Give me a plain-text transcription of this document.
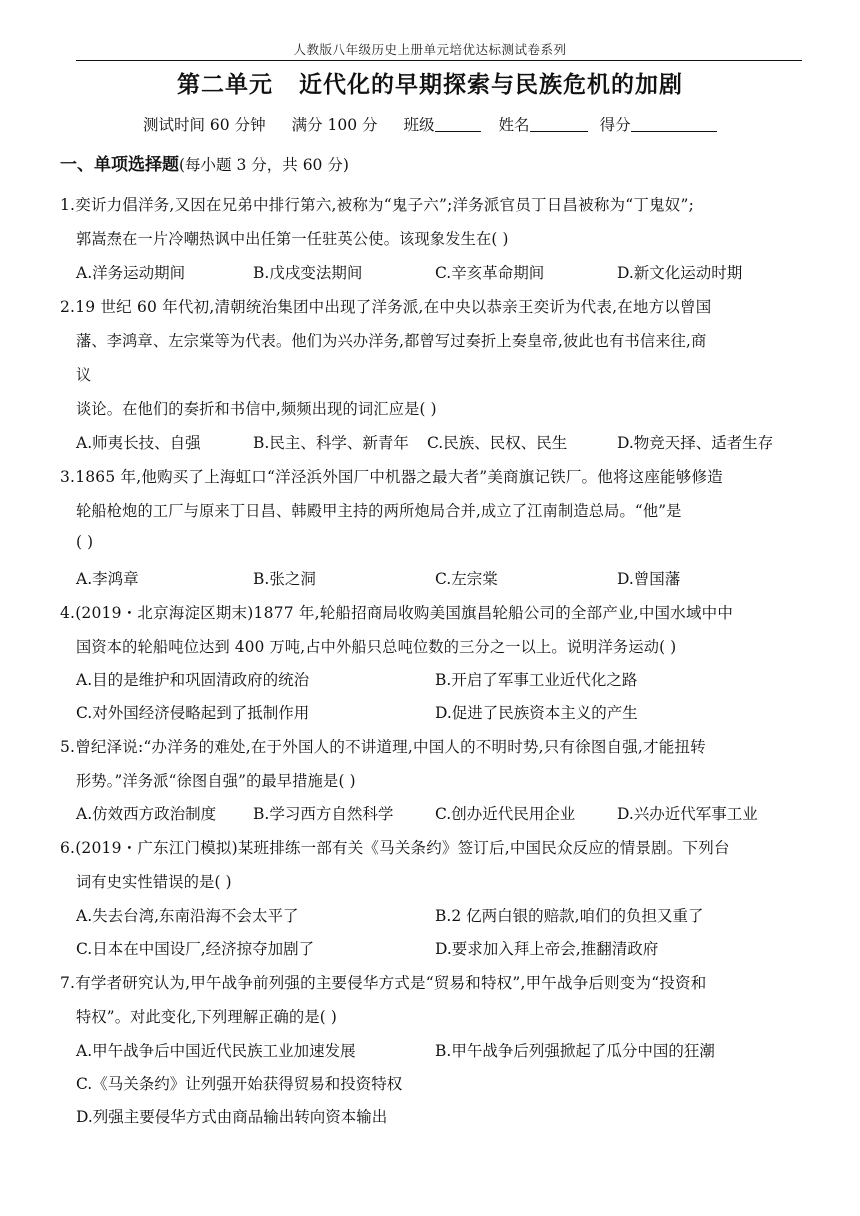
人教版八年级历史上册单元培优达标测试卷系列
第二单元 近代化的早期探索与民族危机的加剧
测试时间 60 分钟 满分 100 分 班级	姓名	得分
一、单项选择题(每小题 3 分，共 60 分)
1.奕䜣力倡洋务,又因在兄弟中排行第六,被称为“鬼子六”;洋务派官员丁日昌被称为“丁鬼奴”;
郭嵩焘在一片冷嘲热讽中出任第一任驻英公使。该现象发生在( )
A.洋务运动期间	B.戊戌变法期间	C.辛亥革命期间	D.新文化运动时期
2.19 世纪 60 年代初,清朝统治集团中出现了洋务派,在中央以恭亲王奕䜣为代表,在地方以曾国
藩、李鸿章、左宗棠等为代表。他们为兴办洋务,都曾写过奏折上奏皇帝,彼此也有书信来往,商
议
谈论。在他们的奏折和书信中,频频出现的词汇应是( )
A.师夷长技、自强	B.民主、科学、新青年 C.民族、民权、民生	D.物竞天择、适者生存
3.1865 年,他购买了上海虹口“洋泾浜外国厂中机器之最大者”美商旗记铁厂。他将这座能够修造
轮船枪炮的工厂与原来丁日昌、韩殿甲主持的两所炮局合并,成立了江南制造总局。“他”是
( )
A.李鸿章	B.张之洞	C.左宗棠	D.曾国藩
4.(2019・北京海淀区期末)1877 年,轮船招商局收购美国旗昌轮船公司的全部产业,中国水域中中
国资本的轮船吨位达到 400 万吨,占中外船只总吨位数的三分之一以上。说明洋务运动( )
A.目的是维护和巩固清政府的统治	B.开启了军事工业近代化之路
C.对外国经济侵略起到了抵制作用	D.促进了民族资本主义的产生
5.曾纪泽说:“办洋务的难处,在于外国人的不讲道理,中国人的不明时势,只有徐图自强,才能扭转
形势。”洋务派“徐图自强”的最早措施是( )
A.仿效西方政治制度 B.学习西方自然科学	C.创办近代民用企业	D.兴办近代军事工业
6.(2019・广东江门模拟)某班排练一部有关《马关条约》签订后,中国民众反应的情景剧。下列台
词有史实性错误的是( )
A.失去台湾,东南沿海不会太平了	B.2 亿两白银的赔款,咱们的负担又重了
C.日本在中国设厂,经济掠夺加剧了	D.要求加入拜上帝会,推翻清政府
7.有学者研究认为,甲午战争前列强的主要侵华方式是“贸易和特权”,甲午战争后则变为“投资和
特权”。对此变化,下列理解正确的是( )
A.甲午战争后中国近代民族工业加速发展	B.甲午战争后列强掀起了瓜分中国的狂潮
C.《马关条约》让列强开始获得贸易和投资特权
D.列强主要侵华方式由商品输出转向资本输出
